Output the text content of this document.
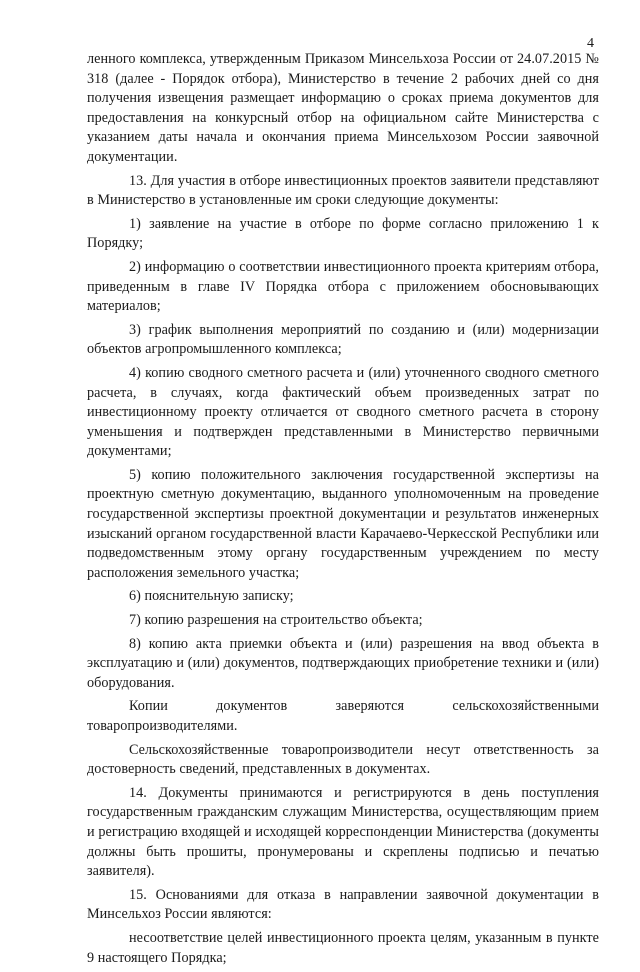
4

ленного комплекса, утвержденным Приказом Минсельхоза России от 24.07.2015 № 318 (далее - Порядок отбора), Министерство в течение 2 рабочих дней со дня получения извещения размещает информацию о сроках приема документов для предоставления на конкурсный отбор на официальном сайте Министерства с указанием даты начала и окончания приема Минсельхозом России заявочной документации.

13. Для участия в отборе инвестиционных проектов заявители представляют в Министерство в установленные им сроки следующие документы:

1) заявление на участие в отборе по форме согласно приложению 1 к Порядку;

2) информацию о соответствии инвестиционного проекта критериям отбора, приведенным в главе IV Порядка отбора с приложением обосновывающих материалов;

3) график выполнения мероприятий по созданию и (или) модернизации объектов агропромышленного комплекса;

4) копию сводного сметного расчета и (или) уточненного сводного сметного расчета, в случаях, когда фактический объем произведенных затрат по инвестиционному проекту отличается от сводного сметного расчета в сторону уменьшения и подтвержден представленными в Министерство первичными документами;

5) копию положительного заключения государственной экспертизы на проектную сметную документацию, выданного уполномоченным на проведение государственной экспертизы проектной документации и результатов инженерных изысканий органом государственной власти Карачаево-Черкесской Республики или подведомственным этому органу государственным учреждением по месту расположения земельного участка;

6) пояснительную записку;

7) копию разрешения на строительство объекта;

8) копию акта приемки объекта и (или) разрешения на ввод объекта в эксплуатацию и (или) документов, подтверждающих приобретение техники и (или) оборудования.

Копии документов заверяются сельскохозяйственными товаропроизводителями.

Сельскохозяйственные товаропроизводители несут ответственность за достоверность сведений, представленных в документах.

14. Документы принимаются и регистрируются в день поступления государственным гражданским служащим Министерства, осуществляющим прием и регистрацию входящей и исходящей корреспонденции Министерства (документы должны быть прошиты, пронумерованы и скреплены подписью и печатью заявителя).

15. Основаниями для отказа в направлении заявочной документации в Минсельхоз России являются:

несоответствие целей инвестиционного проекта целям, указанным в пункте 9 настоящего Порядка;
